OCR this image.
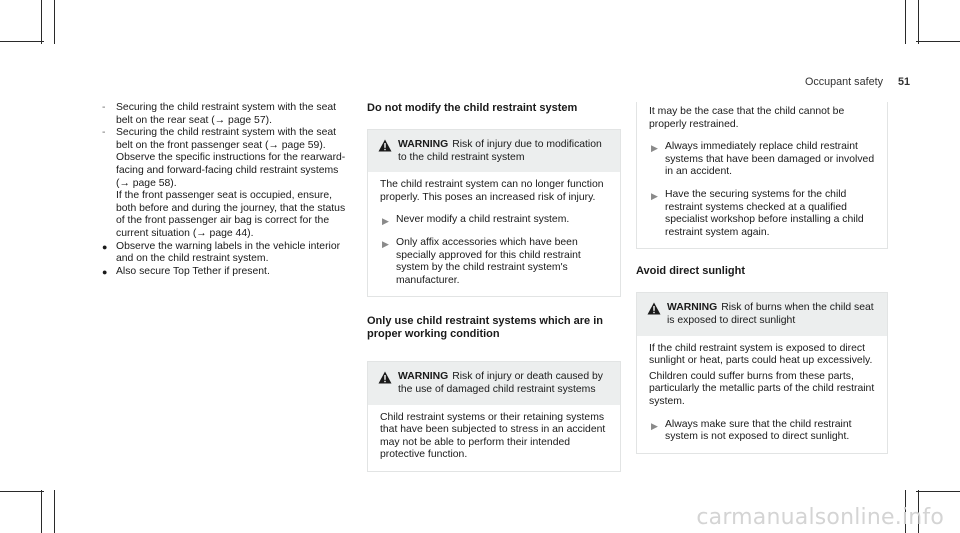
Occupant safety 51
- Securing the child restraint system with the seat belt on the rear seat (→ page 57).
- Securing the child restraint system with the seat belt on the front passenger seat (→ page 59). Observe the specific instructions for the rearward-facing and forward-facing child restraint systems (→ page 58).
If the front passenger seat is occupied, ensure, both before and during the journey, that the status of the front passenger air bag is correct for the current situation (→ page 44).
● Observe the warning labels in the vehicle interior and on the child restraint system.
● Also secure Top Tether if present.
Do not modify the child restraint system
WARNING Risk of injury due to modification to the child restraint system

The child restraint system can no longer function properly. This poses an increased risk of injury.

▶ Never modify a child restraint system.
▶ Only affix accessories which have been specially approved for this child restraint system by the child restraint system's manufacturer.
Only use child restraint systems which are in proper working condition
WARNING Risk of injury or death caused by the use of damaged child restraint systems

Child restraint systems or their retaining systems that have been subjected to stress in an accident may not be able to perform their intended protective function.

It may be the case that the child cannot be properly restrained.
▶ Always immediately replace child restraint systems that have been damaged or involved in an accident.
▶ Have the securing systems for the child restraint systems checked at a qualified specialist workshop before installing a child restraint system again.
Avoid direct sunlight
WARNING Risk of burns when the child seat is exposed to direct sunlight

If the child restraint system is exposed to direct sunlight or heat, parts could heat up excessively.

Children could suffer burns from these parts, particularly the metallic parts of the child restraint system.

▶ Always make sure that the child restraint system is not exposed to direct sunlight.
carmanualsonline.info
